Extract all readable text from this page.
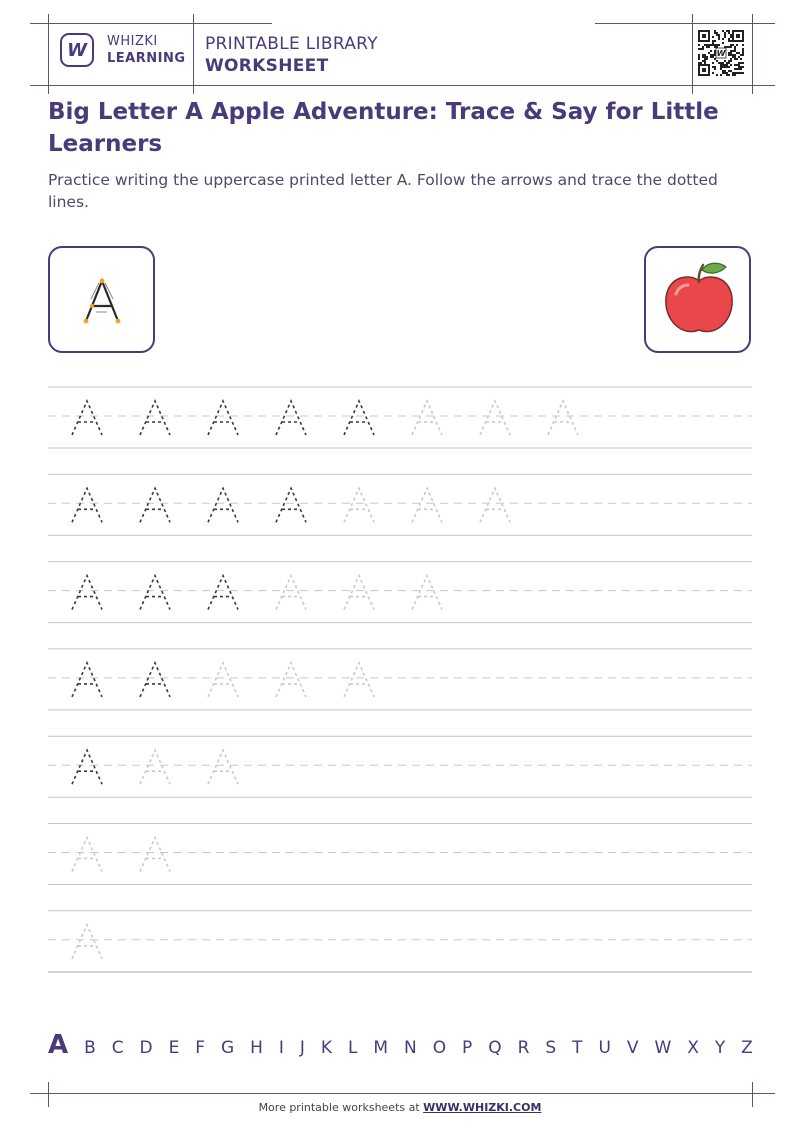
W WHIZKI
LEARNING
PRINTABLE LIBRARY
WORKSHEET
W
Big Letter A Apple Adventure: Trace & Say for Little Learners

Practice writing the uppercase printed letter A. Follow the arrows and trace the dotted lines.

A B C D E F G H I J K L M N O P Q R S T U V W X Y Z
More printable worksheets at WWW.WHIZKI.COM
